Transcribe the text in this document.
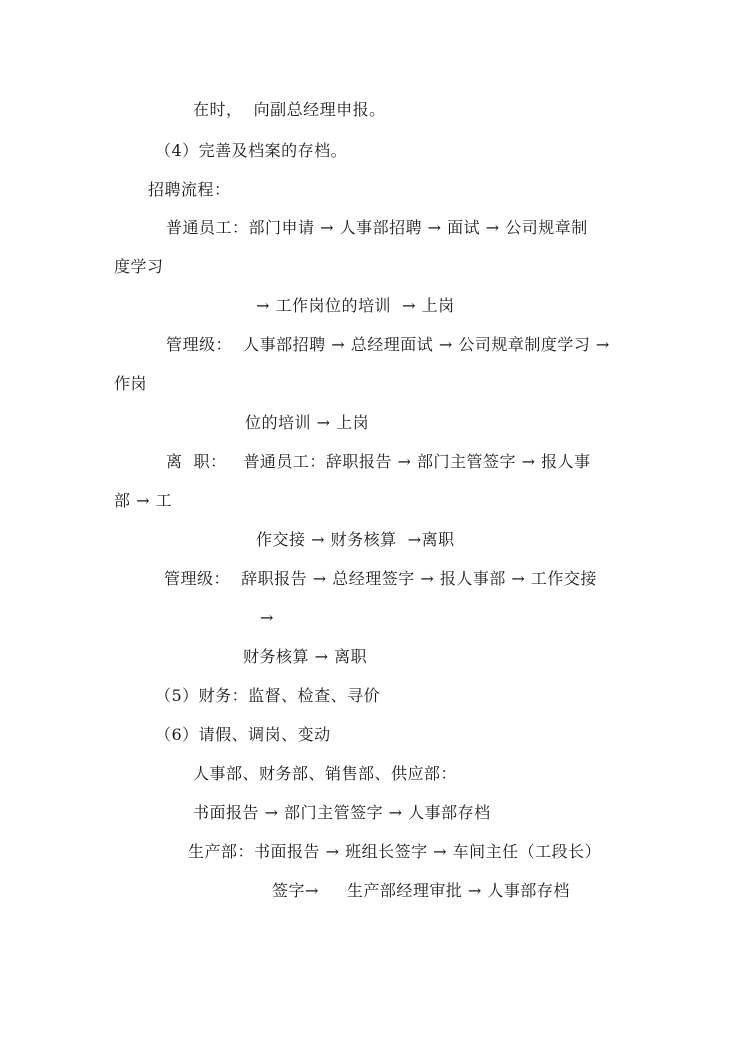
在时，  向副总经理申报。
（4）完善及档案的存档。
招聘流程：
普通员工：部门申请 → 人事部招聘 → 面试 → 公司规章制
度学习
→ 工作岗位的培训  → 上岗
管理级：  人事部招聘 → 总经理面试 → 公司规章制度学习 →
作岗
位的培训 → 上岗
离  职：   普通员工：辞职报告 → 部门主管签字 → 报人事
部 → 工
作交接 → 财务核算  →离职
管理级：  辞职报告 → 总经理签字 → 报人事部 → 工作交接
→
财务核算 → 离职
（5）财务：监督、检查、寻价
（6）请假、调岗、变动
人事部、财务部、销售部、供应部：
书面报告 → 部门主管签字 → 人事部存档
生产部：书面报告 → 班组长签字 → 车间主任（工段长）
签字→     生产部经理审批 → 人事部存档
